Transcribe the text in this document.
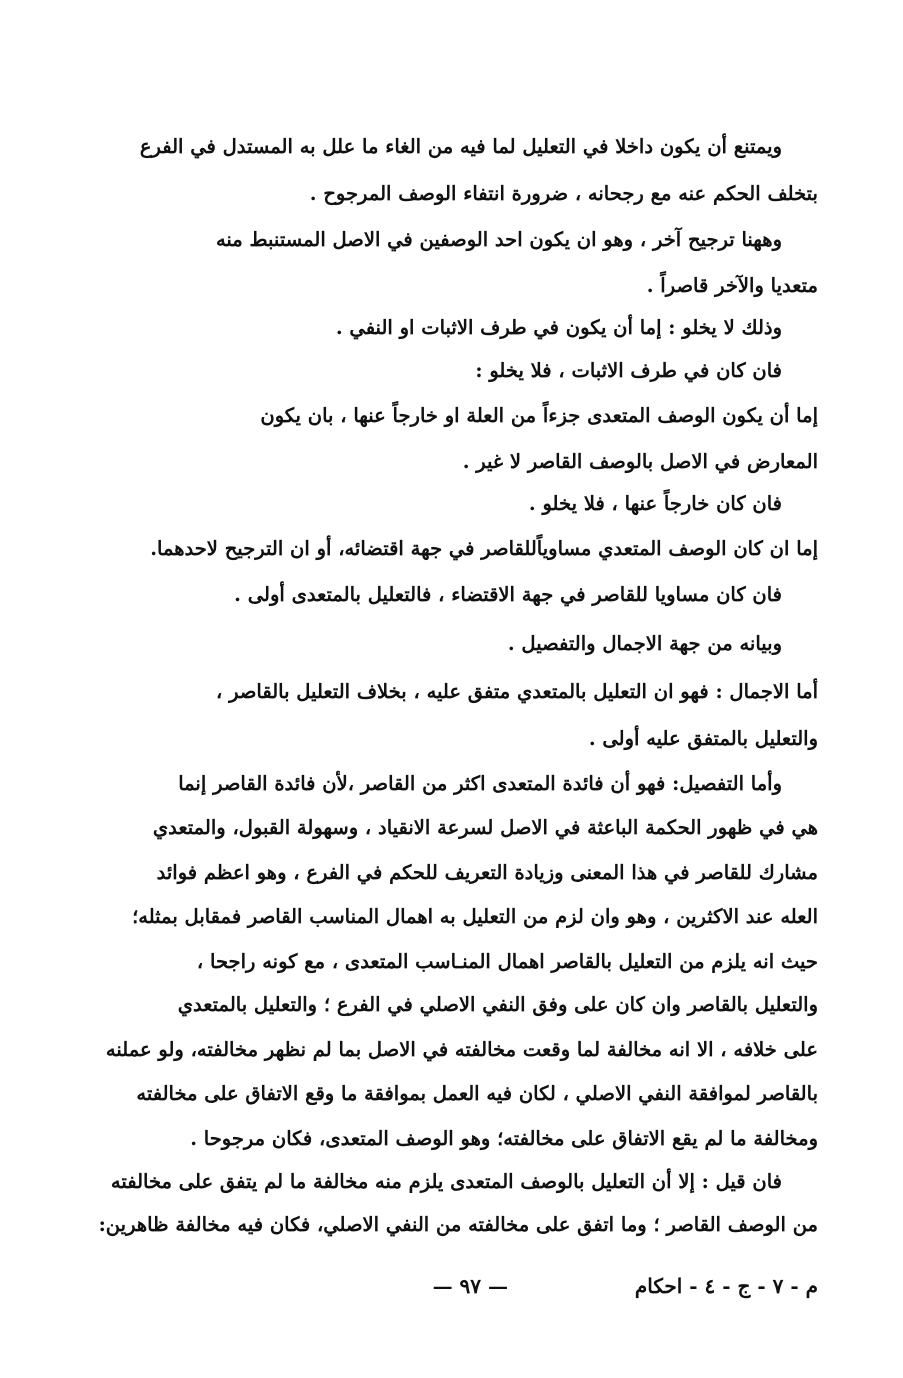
ويمتنع أن يكون داخلا في التعليل لما فيه من الغاء ما علل به المستدل في الفرع
بتخلف الحكم عنه مع رجحانه ، ضرورة انتفاء الوصف المرجوح .
وههنا ترجيح آخر ، وهو ان يكون احد الوصفين في الاصل المستنبط منه
متعديا والآخر قاصراً .
وذلك لا يخلو : إما أن يكون في طرف الاثبات او النفي .
فان كان في طرف الاثبات ، فلا يخلو :
إما أن يكون الوصف المتعدى جزءاً من العلة او خارجاً عنها ، بان يكون
المعارض في الاصل بالوصف القاصر لا غير .
فان كان خارجاً عنها ، فلا يخلو .
إما ان كان الوصف المتعدي مساوياًللقاصر في جهة اقتضائه، أو ان الترجيح لاحدهما.
فان كان مساويا للقاصر في جهة الاقتضاء ، فالتعليل بالمتعدى أولى .
وبيانه من جهة الاجمال والتفصيل .
أما الاجمال : فهو ان التعليل بالمتعدي متفق عليه ، بخلاف التعليل بالقاصر ،
والتعليل بالمتفق عليه أولى .
وأما التفصيل: فهو أن فائدة المتعدى اكثر من القاصر ،لأن فائدة القاصر إنما
هي في ظهور الحكمة الباعثة في الاصل لسرعة الانقياد ، وسهولة القبول، والمتعدي
مشارك للقاصر في هذا المعنى وزيادة التعريف للحكم في الفرع ، وهو اعظم فوائد
العله عند الاكثرين ، وهو وان لزم من التعليل به اهمال المناسب القاصر فمقابل بمثله؛
حيث انه يلزم من التعليل بالقاصر اهمال المنـاسب المتعدى ، مع كونه راجحا ،
والتعليل بالقاصر وان كان على وفق النفي الاصلي في الفرع ؛ والتعليل بالمتعدي
على خلافه ، الا انه مخالفة لما وقعت مخالفته في الاصل بما لم نظهر مخالفته، ولو عملنه
بالقاصر لموافقة النفي الاصلي ، لكان فيه العمل بموافقة ما وقع الاتفاق على مخالفته
ومخالفة ما لم يقع الاتفاق على مخالفته؛ وهو الوصف المتعدى، فكان مرجوحا .
فان قيل : إلا أن التعليل بالوصف المتعدى يلزم منه مخالفة ما لم يتفق على مخالفته
من الوصف القاصر ؛ وما اتفق على مخالفته من النفي الاصلي، فكان فيه مخالفة ظاهرين:
— ٩٧ —	م - ٧ - ج - ٤ - احكام
